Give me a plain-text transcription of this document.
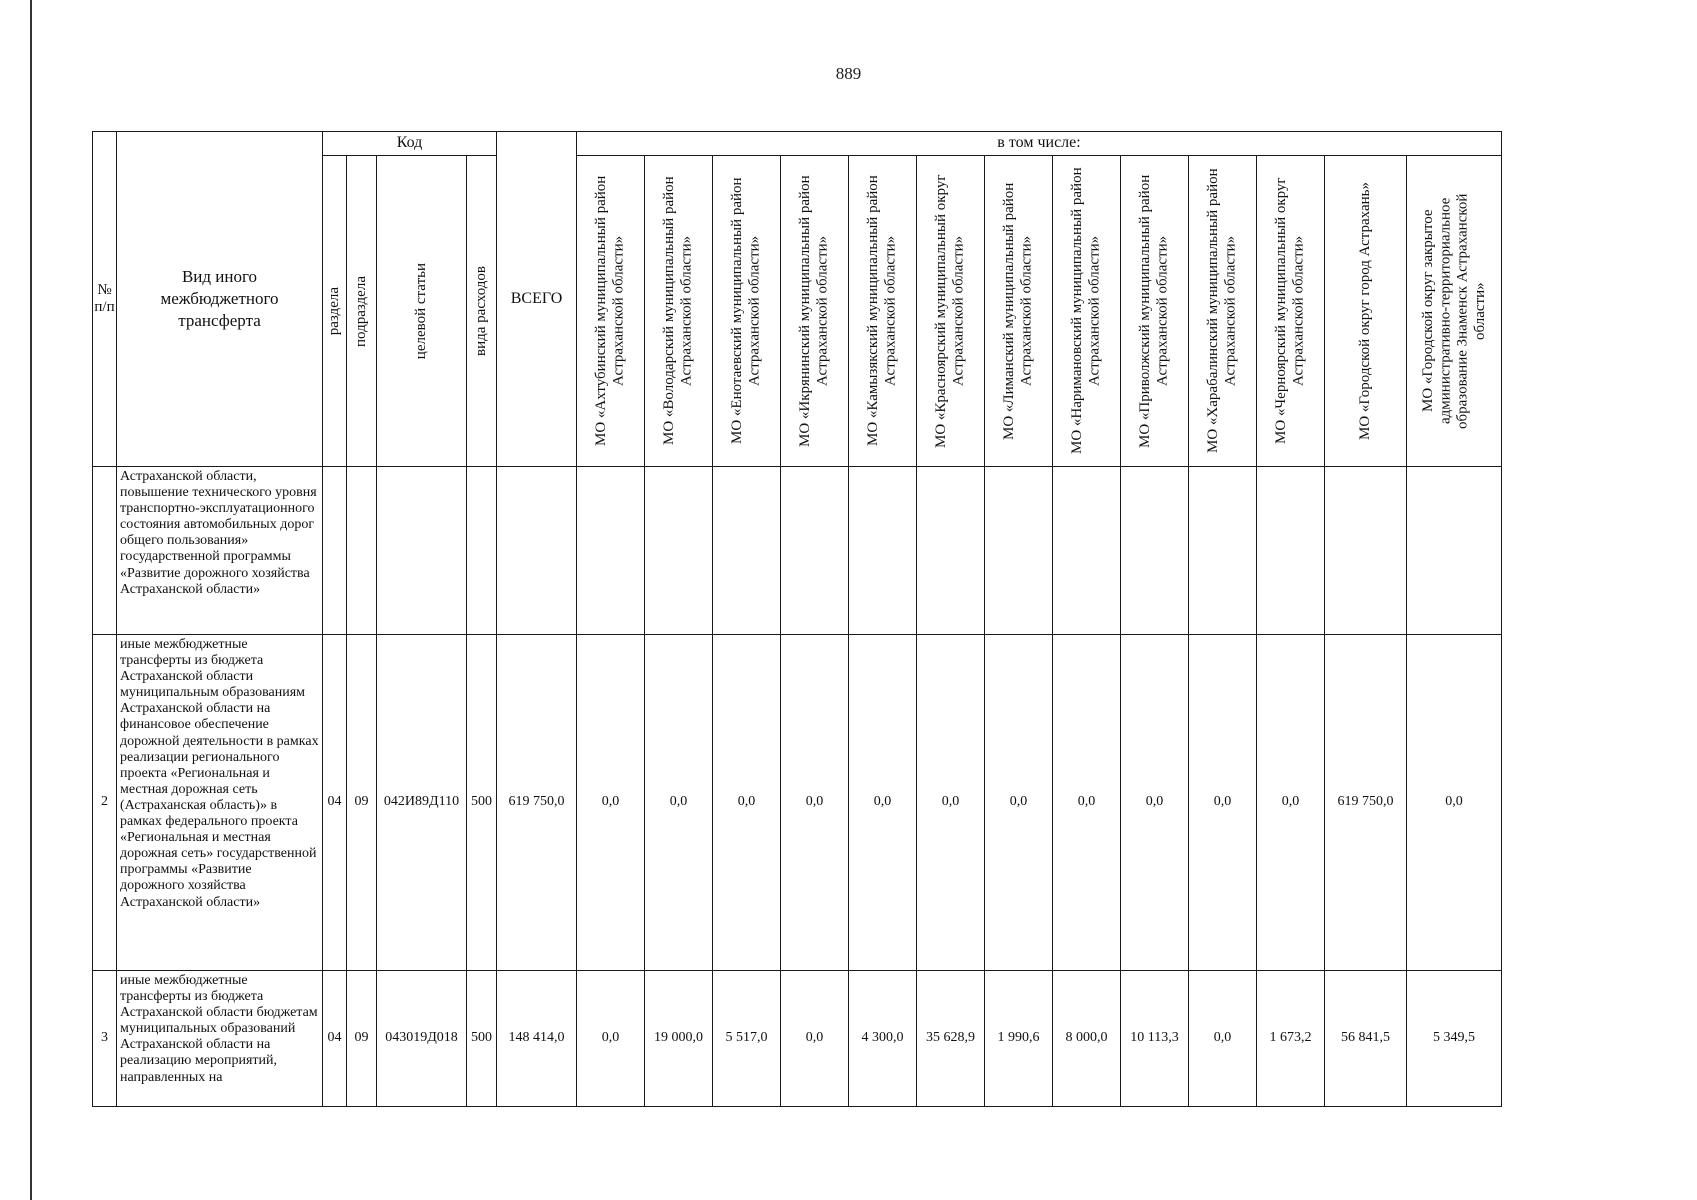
889
№ п/п	Вид иного межбюджетного трансферта	Код				ВСЕГО	в том числе:												

		раздела	подраздела	целевой статьи	вида расходов		МО «Ахтубинский муниципальный район Астраханской области»	МО «Володарский муниципальный район Астраханской области»	МО «Енотаевский муниципальный район Астраханской области»	МО «Икрянинский муниципальный район Астраханской области»	МО «Камызякский муниципальный район Астраханской области»	МО «Красноярский муниципальный округ Астраханской области»	МО «Лиманский муниципальный район Астраханской области»	МО «Наримановский муниципальный район Астраханской области»	МО «Приволжский муниципальный район Астраханской области»	МО «Харабалинский муниципальный район Астраханской области»	МО «Черноярский муниципальный округ Астраханской области»	МО «Городской округ город Астрахань»	МО «Городской округ закрытое административно-территориальное образование Знаменск Астраханской области»

	Астраханской области, повышение технического уровня транспортно-эксплуатационного состояния автомобильных дорог общего пользования» государственной программы «Развитие дорожного хозяйства Астраханской области»																		
2	иные межбюджетные трансферты из бюджета Астраханской области муниципальным образованиям Астраханской области на финансовое обеспечение дорожной деятельности в рамках реализации регионального проекта «Региональная и местная дорожная сеть (Астраханская область)» в рамках федерального проекта «Региональная и местная дорожная сеть» государственной программы «Развитие дорожного хозяйства Астраханской области»	04	09	042И89Д110	500	619 750,0	0,0	0,0	0,0	0,0	0,0	0,0	0,0	0,0	0,0	0,0	0,0	619 750,0	0,0
3	иные межбюджетные трансферты из бюджета Астраханской области бюджетам муниципальных образований Астраханской области на реализацию мероприятий, направленных на	04	09	043019Д018	500	148 414,0	0,0	19 000,0	5 517,0	0,0	4 300,0	35 628,9	1 990,6	8 000,0	10 113,3	0,0	1 673,2	56 841,5	5 349,5
